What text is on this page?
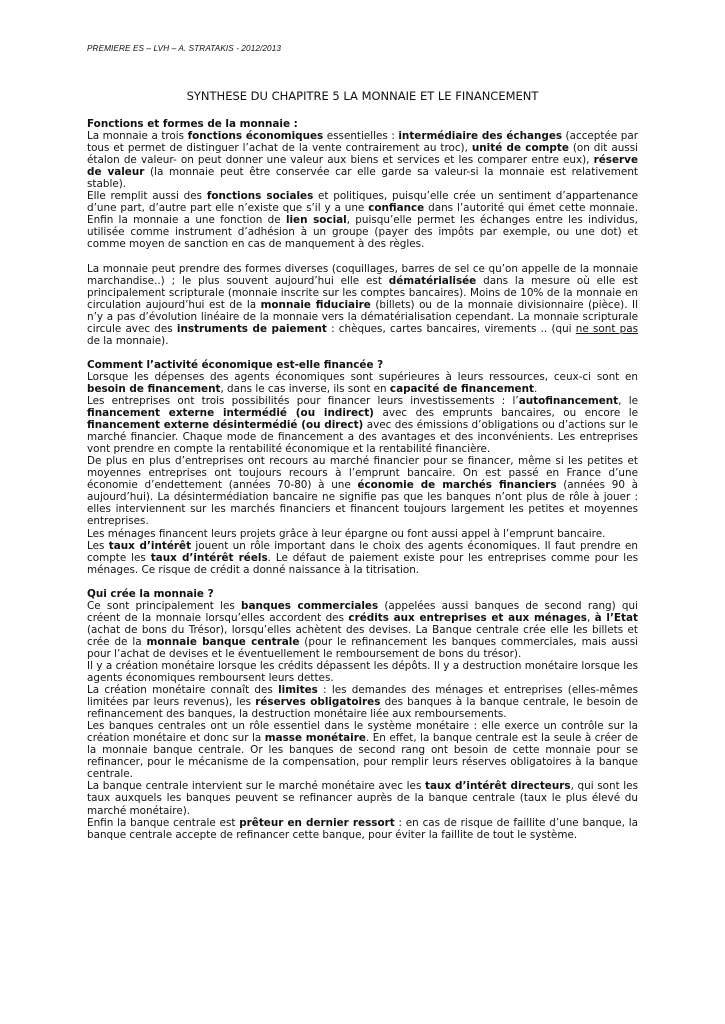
PREMIERE ES – LVH – A. STRATAKIS - 2012/2013
SYNTHESE DU CHAPITRE 5 LA MONNAIE ET LE FINANCEMENT

Fonctions et formes de la monnaie :

La monnaie a trois fonctions économiques essentielles : intermédiaire des échanges (acceptée par tous et permet de distinguer l’achat de la vente contrairement au troc), unité de compte (on dit aussi étalon de valeur- on peut donner une valeur aux biens et services et les comparer entre eux), réserve de valeur (la monnaie peut être conservée car elle garde sa valeur-si la monnaie est relativement stable).

Elle remplit aussi des fonctions sociales et politiques, puisqu’elle crée un sentiment d’appartenance d’une part, d’autre part elle n’existe que s’il y a une confiance dans l’autorité qui émet cette monnaie. Enfin la monnaie a une fonction de lien social, puisqu’elle permet les échanges entre les individus, utilisée comme instrument d’adhésion à un groupe (payer des impôts par exemple, ou une dot) et comme moyen de sanction en cas de manquement à des règles.

La monnaie peut prendre des formes diverses (coquillages, barres de sel ce qu’on appelle de la monnaie marchandise..) ; le plus souvent aujourd’hui elle est dématérialisée dans la mesure où elle est principalement scripturale (monnaie inscrite sur les comptes bancaires). Moins de 10% de la monnaie en circulation aujourd’hui est de la monnaie fiduciaire (billets) ou de la monnaie divisionnaire (pièce). Il n’y a pas d’évolution linéaire de la monnaie vers la dématérialisation cependant. La monnaie scripturale circule avec des instruments de paiement : chèques, cartes bancaires, virements .. (qui ne sont pas de la monnaie).

Comment l’activité économique est-elle financée ?

Lorsque les dépenses des agents économiques sont supérieures à leurs ressources, ceux-ci sont en besoin de financement, dans le cas inverse, ils sont en capacité de financement.

Les entreprises ont trois possibilités pour financer leurs investissements : l’autofinancement, le financement externe intermédié (ou indirect) avec des emprunts bancaires, ou encore le financement externe désintermédié (ou direct) avec des émissions d’obligations ou d’actions sur le marché financier. Chaque mode de financement a des avantages et des inconvénients. Les entreprises vont prendre en compte la rentabilité économique et la rentabilité financière.

De plus en plus d’entreprises ont recours au marché financier pour se financer, même si les petites et moyennes entreprises ont toujours recours à l’emprunt bancaire. On est passé en France d’une économie d’endettement (années 70-80) à une économie de marchés financiers (années 90 à aujourd’hui). La désintermédiation bancaire ne signifie pas que les banques n’ont plus de rôle à jouer : elles interviennent sur les marchés financiers et financent toujours largement les petites et moyennes entreprises.

Les ménages financent leurs projets grâce à leur épargne ou font aussi appel à l’emprunt bancaire.

Les taux d’intérêt jouent un rôle important dans le choix des agents économiques. Il faut prendre en compte les taux d’intérêt réels. Le défaut de paiement existe pour les entreprises comme pour les ménages. Ce risque de crédit a donné naissance à la titrisation.

Qui crée la monnaie ?

Ce sont principalement les banques commerciales (appelées aussi banques de second rang) qui créent de la monnaie lorsqu’elles accordent des crédits aux entreprises et aux ménages, à l’Etat (achat de bons du Trésor), lorsqu’elles achètent des devises. La Banque centrale crée elle les billets et crée de la monnaie banque centrale (pour le refinancement les banques commerciales, mais aussi pour l’achat de devises et le éventuellement le remboursement de bons du trésor).

Il y a création monétaire lorsque les crédits dépassent les dépôts. Il y a destruction monétaire lorsque les agents économiques remboursent leurs dettes.

La création monétaire connaît des limites : les demandes des ménages et entreprises (elles-mêmes limitées par leurs revenus), les réserves obligatoires des banques à la banque centrale, le besoin de refinancement des banques, la destruction monétaire liée aux remboursements.

Les banques centrales ont un rôle essentiel dans le système monétaire : elle exerce un contrôle sur la création monétaire et donc sur la masse monétaire. En effet, la banque centrale est la seule à créer de la monnaie banque centrale. Or les banques de second rang ont besoin de cette monnaie pour se refinancer, pour le mécanisme de la compensation, pour remplir leurs réserves obligatoires à la banque centrale.

La banque centrale intervient sur le marché monétaire avec les taux d’intérêt directeurs, qui sont les taux auxquels les banques peuvent se refinancer auprès de la banque centrale (taux le plus élevé du marché monétaire).

Enfin la banque centrale est prêteur en dernier ressort : en cas de risque de faillite d’une banque, la banque centrale accepte de refinancer cette banque, pour éviter la faillite de tout le système.
